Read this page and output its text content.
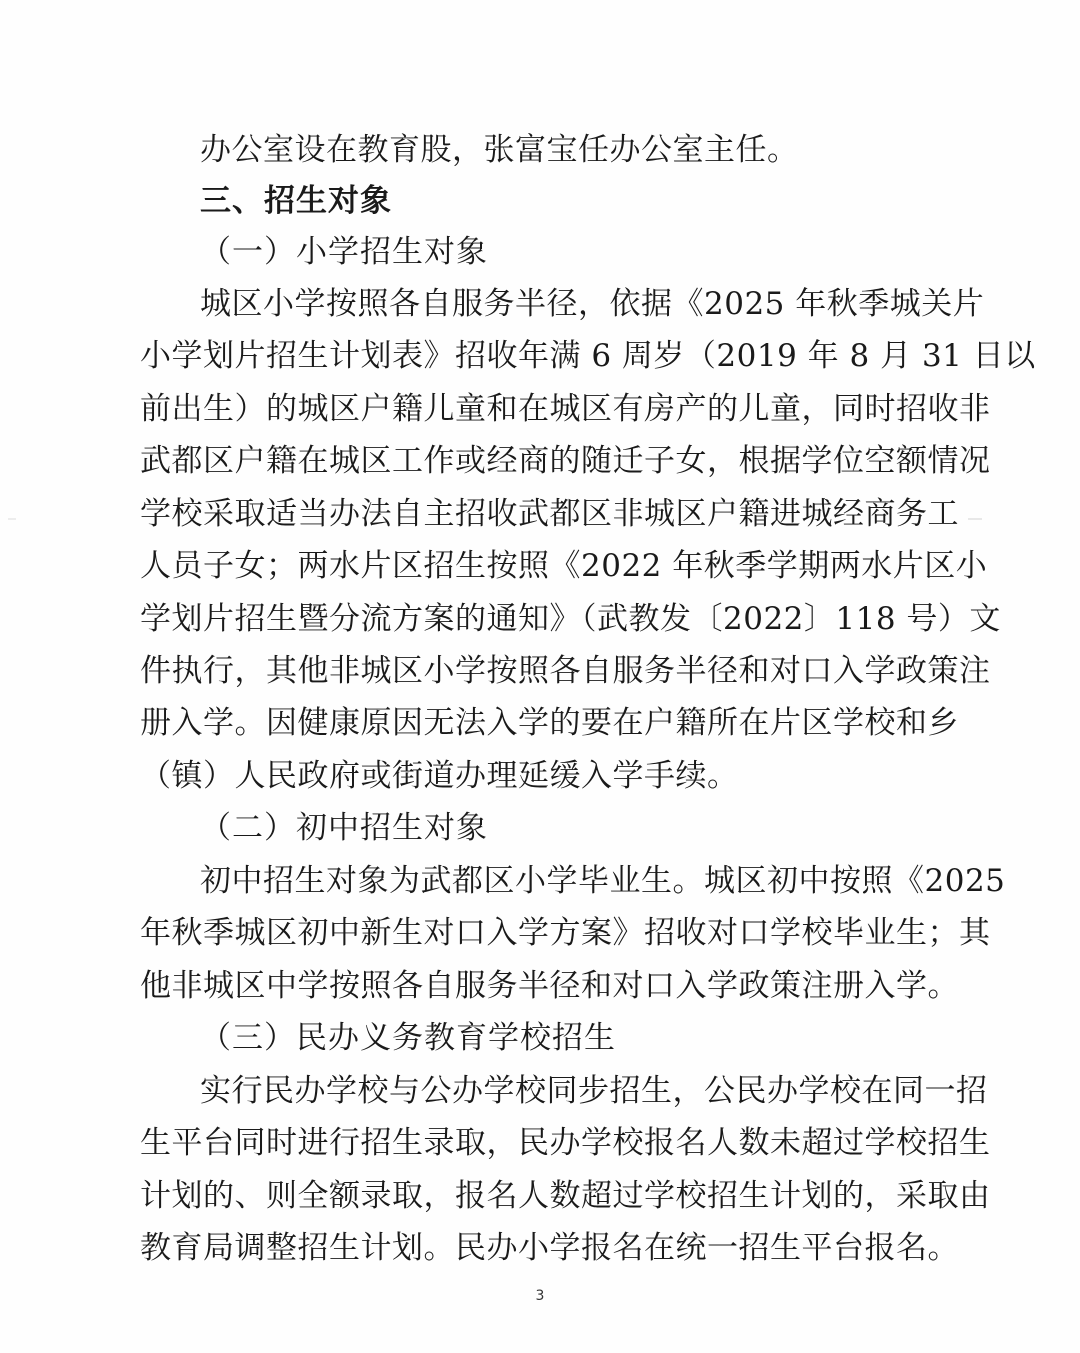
办公室设在教育股，张富宝任办公室主任。
三、招生对象
（一）小学招生对象
城区小学按照各自服务半径，依据《2025 年秋季城关片
小学划片招生计划表》招收年满 6 周岁（2019 年 8 月 31 日以
前出生）的城区户籍儿童和在城区有房产的儿童，同时招收非
武都区户籍在城区工作或经商的随迁子女，根据学位空额情况
学校采取适当办法自主招收武都区非城区户籍进城经商务工
人员子女；两水片区招生按照《2022 年秋季学期两水片区小
学划片招生暨分流方案的通知》（武教发〔2022〕118 号）文
件执行，其他非城区小学按照各自服务半径和对口入学政策注
册入学。因健康原因无法入学的要在户籍所在片区学校和乡
（镇）人民政府或街道办理延缓入学手续。
（二）初中招生对象
初中招生对象为武都区小学毕业生。城区初中按照《2025
年秋季城区初中新生对口入学方案》招收对口学校毕业生；其
他非城区中学按照各自服务半径和对口入学政策注册入学。
（三）民办义务教育学校招生
实行民办学校与公办学校同步招生，公民办学校在同一招
生平台同时进行招生录取，民办学校报名人数未超过学校招生
计划的、则全额录取，报名人数超过学校招生计划的，采取由
教育局调整招生计划。民办小学报名在统一招生平台报名。
3
